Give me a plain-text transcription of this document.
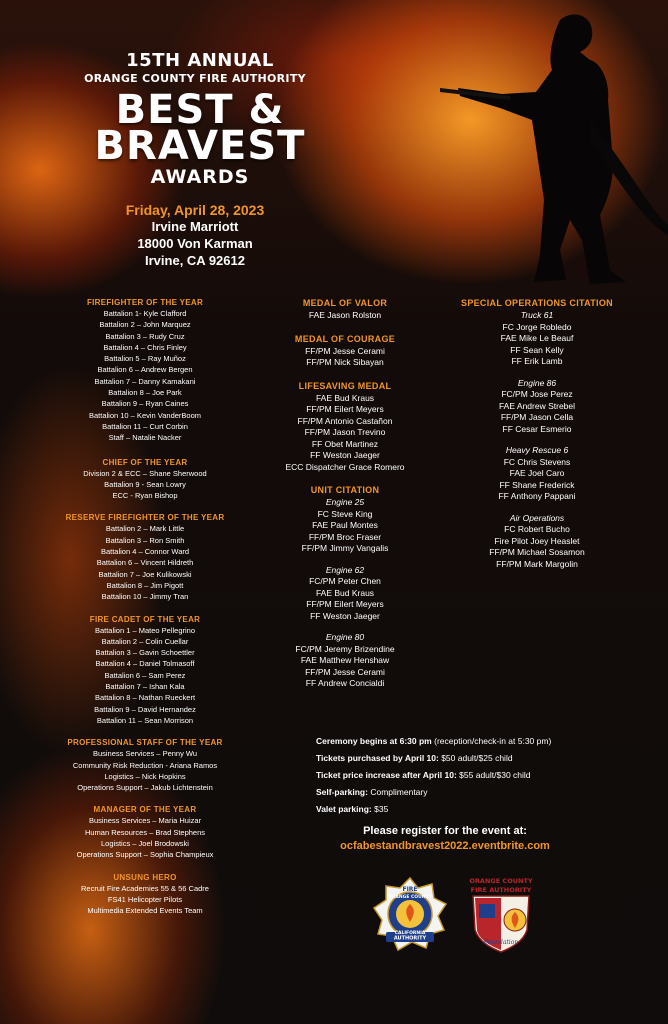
15TH ANNUAL
ORANGE COUNTY FIRE AUTHORITY
BEST &
BRAVEST
AWARDS
Friday, April 28, 2023
Irvine Marriott
18000 Von Karman
Irvine, CA 92612
FIREFIGHTER OF THE YEAR
Battalion 1- Kyle Clafford
Battalion 2 – John Marquez
Battalion 3 – Rudy Cruz
Battalion 4 – Chris Finley
Battalion 5 – Ray Muñoz
Battalion 6 – Andrew Bergen
Battalion 7 – Danny Kamakani
Battalion 8 – Joe Park
Battalion 9 – Ryan Caines
Battalion 10 – Kevin VanderBoom
Battalion 11 – Curt Corbin
Staff – Natalie Nacker
CHIEF OF THE YEAR
Division 2 & ECC – Shane Sherwood
Battalion 9 - Sean Lowry
ECC - Ryan Bishop
RESERVE FIREFIGHTER OF THE YEAR
Battalion 2 – Mark Little
Battalion 3 – Ron Smith
Battalion 4 – Connor Ward
Battalion 6 – Vincent Hildreth
Battalion 7 – Joe Kulikowski
Battalion 8 – Jim Pigott
Battalion 10 – Jimmy Tran
FIRE CADET OF THE YEAR
Battalion 1 – Mateo Pellegrino
Battalion 2 – Colin Cuellar
Battalion 3 – Gavin Schoettler
Battalion 4 – Daniel Tolmasoff
Battalion 6 – Sam Perez
Battalion 7 – Ishan Kala
Battalion 8 – Nathan Rueckert
Battalion 9 – David Hernandez
Battalion 11 – Sean Morrison
PROFESSIONAL STAFF OF THE YEAR
Business Services – Penny Wu
Community Risk Reduction - Ariana Ramos
Logistics – Nick Hopkins
Operations Support – Jakub Lichtenstein
MANAGER OF THE YEAR
Business Services – Maria Huizar
Human Resources – Brad Stephens
Logistics – Joel Brodowski
Operations Support – Sophia Champieux
UNSUNG HERO
Recruit Fire Academies 55 & 56 Cadre
FS41 Helicopter Pilots
Multimedia Extended Events Team
MEDAL OF VALOR
FAE Jason Rolston
MEDAL OF COURAGE
FF/PM Jesse Cerami
FF/PM Nick Sibayan
LIFESAVING MEDAL
FAE Bud Kraus
FF/PM Eilert Meyers
FF/PM Antonio Castañon
FF/PM Jason Trevino
FF Obet Martinez
FF Weston Jaeger
ECC Dispatcher Grace Romero
UNIT CITATION
Engine 25
FC Steve King
FAE Paul Montes
FF/PM Broc Fraser
FF/PM Jimmy Vangalis
Engine 62
FC/PM Peter Chen
FAE Bud Kraus
FF/PM Eilert Meyers
FF Weston Jaeger
Engine 80
FC/PM Jeremy Brizendine
FAE Matthew Henshaw
FF/PM Jesse Cerami
FF Andrew Concialdi
SPECIAL OPERATIONS CITATION
Truck 61
FC Jorge Robledo
FAE Mike Le Beauf
FF Sean Kelly
FF Erik Lamb
Engine 86
FC/PM Jose Perez
FAE Andrew Strebel
FF/PM Jason Cella
FF Cesar Esmerio
Heavy Rescue 6
FC Chris Stevens
FAE Joel Caro
FF Shane Frederick
FF Anthony Pappani
Air Operations
FC Robert Bucho
Fire Pilot Joey Heaslet
FF/PM Michael Sosamon
FF/PM Mark Margolin
Ceremony begins at 6:30 pm (reception/check-in at 5:30 pm)
Tickets purchased by April 10: $50 adult/$25 child
Ticket price increase after April 10: $55 adult/$30 child
Self-parking: Complimentary
Valet parking: $35
Please register for the event at:
ocfabestandbravest2022.eventbrite.com
FIRE
ORANGE COUNTY
CALIFORNIA
AUTHORITY
ORANGE COUNTY
FIRE AUTHORITY
Foundation
